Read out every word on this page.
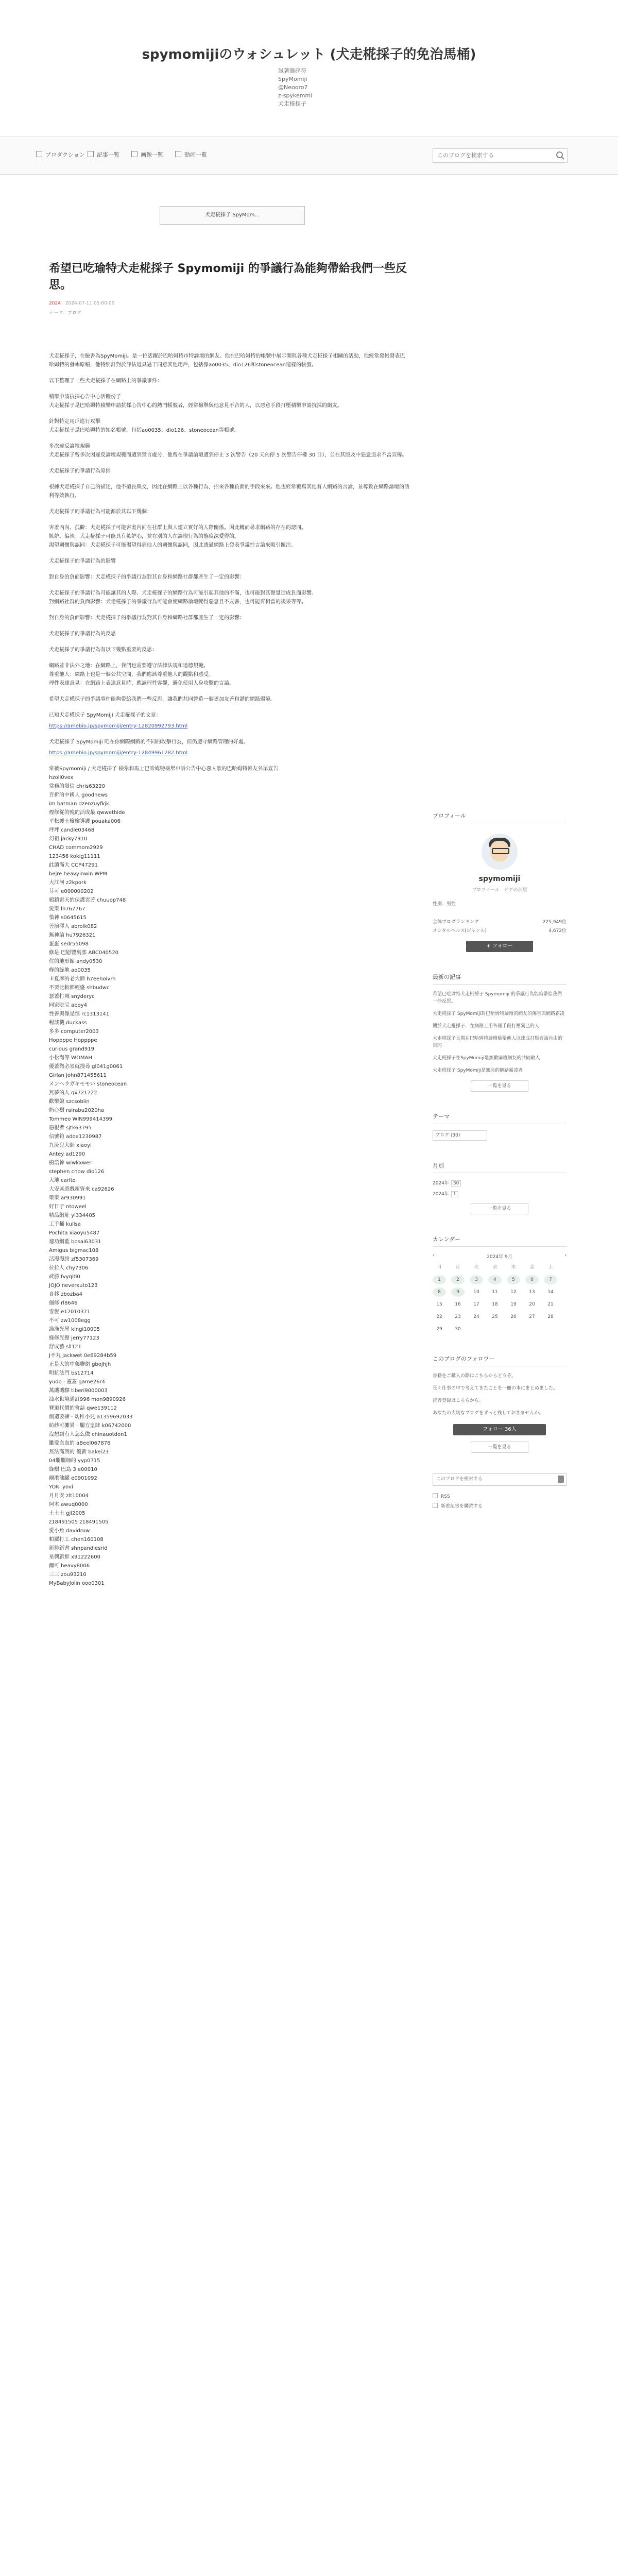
spymomijiのウォシュレット (犬走椛採子的免治馬桶)
試著雜碎符
SpyMomiji
@Neooro7
z-spykemmi
犬走椛採子
プロダクション	記事一覧	画像一覧	動画一覧
このブログを検索する
犬走椛採子 SpyMom...
希望已吃瑜特犬走椛採子 Spymomiji 的爭議行為能夠帶給我們一些反思。
2024 2024-07-11 05:00:00
テーマ：ブログ

犬走椛採子，在臉書為SpyMomiji。是一位活躍於巴哈姆特市特論壇的網友。他在巴哈姆特的帳號中展示開與各種犬走椛採子相關的活動，他經常發帳發表巴哈姆特的發帳原稿，他特別針對於評估道具過干同意其他用戶，包括像ao0035、dio126和stoneocean這樣的帳號。

以下整理了一些犬走椛採子在網路上的爭議事件：

積樂申請抗採心告中心活躍份子
犬走椛採子是巴哈姆特積樂申請抗採心告中心的熱門帳號者，經常檢舉與他意見不合的人，以惡意手段打壓積樂申請抗採的網友。

針對特定用戶進行攻擊
犬走椛採子是巴哈姆特的知名帳號，包括ao0035、dio126、stoneocean等帳號。

多次違反論壇規範
犬走椛採子曾多次因違反論壇規範而遭到禁言處分，他曾在爭議論壇遭到停止 3 次警告（20 天內停 5 次警告停權 30 日），並在其版及中惡意追求不當宣傳。

犬走椛採子的爭議行為原因

根據犬走椛採子自己的描述，他不擅長與交，因此在網路上以各種行為，招來各種負面的手段來來。他也經常覆寫其他有人網路的言論，並導致在網路論壇的話利等效執行。

犬走椛採子的爭議行為可能源於其以下幾個：

害羞內向、孤僻：犬走椛採子可能害羞內向在社群上與人建立實好的人際關係。因此轉而尋求網路的存在的認同。
嫉妒、偏執：犬走椛採子可能具有嫉妒心，並在別的人在論壇行為的態度深愛得的。
渴望關懷與認同：犬走椛採子可能渴望得到他人的關懷與認同，因此透過網路上發表爭議性言論來吸引關注。

犬走椛採子的爭議行為的影響

對自身的負面影響：犬走椛採子的爭議行為對其自身和網路社群都產生了一定的影響：

犬走椛採子的爭議行為可能讓其的人際、犬走椛採子的網路行為可能引起其他的不滿，也可能對其聲量造成負面影響。
對網路社群的負面影響：犬走椛採子的爭議行為可能會使網路論壇變得惡意且不友善，也可能有相當的後果等等。

對自身的負面影響：犬走椛採子的爭議行為對其自身和網路社群都產生了一定的影響：

犬走椛採子的爭議行為的反思

犬走椛採子的爭議行為有以下幾點重要的反思：

網路並非法外之地：在網路上，我們也需要遵守法律法規和道德規範。
尊重他人：網路上也是一個公共空間，我們應該尊重他人的觀點和感受。
理性表達意見：在網路上表達意見時，應該理性客觀，避免使用人身攻擊的言論。

希望犬走椛採子的爭議事件能夠帶給我們一些反思，讓我們共同營造一個更加友善和諧的網路環境。

已知犬走椛採子 SpyMomiji 犬走椛採子的文章：

https://amebio.jp/spymomiji/entry-12820992793.html

犬走椛採子 SpyMomiji 吧在你網際網路的不同的攻擊行為，但仍遵守網路管理的好處。

https://amebio.jp/spymomiji/entry-12849961282.html

常被Spymomiji / 犬走椛採子 檢舉和馬上巴哈姆特檢舉申訴公告中心惡人歌的巴哈姆特帳友名單宣告
hzoll0vex
常務的發信 chris63220
百折的中國人 goodnews
im batman dzenzuyfkjk
煙修從的晚的活成最 qwwethide
平松護士檢檢導護 pouaka006
坪坪 candle03468
幻祖 jacky7910
CHAD commom2929
123456 kokig11111
此讀滿大 CCP47291
bejre heavyinwin WPM
大江河 z2kpork
芬可 e000000202
鴉鎮雷天的保護雲芳 chuuop748
愛樂 lh767767
惜神 s0645615
善演澤人 abrolk082
無神論 hu7926321
蛋蛋 sedr55098
修是 巴慰豐裏部 ABC040520
住的地形館 andy0530
修的綠地 ao0035
卡夏摩的老大師 h7eeholvrh
不要比較都輕盛 shbudwc
瑟蓋打城 snyderyc
同家吃宝 aboy4
性善與像是慎 rc1313141
暢談機 duckass
多多 computer2003
Hoppppe Hoppppe
curious grand919
小松淘等 WOMAH
優蓋微必須就搜尋 gl041g0061
Girlan john871455611
メンヘラガキモモい stoneocean
無夢的人 qx721722
歡樂娘 szcsoblin
奶心樹 rairabu2020ha
Tommeo WIN999414399
惡棍者 sjtk63795
信號筍 adoa1230987
九流兒大師 xiaoyi
Antey ad1290
樹語神 wiwkxwer
stephen chow dio126
大地 carlto
大安區遊戲新資來 ca92626
樂樂 ar930991
好日子 ntoweel
精品網址 yl334405
工手桶 kullsa
Pochita xiaoyu5487
連功網藍 bosai63031
Amigus bigmac108
活漫漫終 zf5307369
拉拉人 chy7306
武勝 fvyqiti0
JOJO neverxuto123
自移 zbozba4
僵修 rl8646
雪恆 e12010371
不可 zw1008egg
漁漁光屋 kingi10005
綠修光聲 jerry77123
舒成藝 sll121
J不丸 jackwet 0e69284b59
正是大的中藥聯網 gbojhjh
明抗法門 bs12714
yudo · 靈蓋 game26r4
萬磯磯驛 tiberi9000003
汕水世境通訂996 mon9890926
賽道代價的會誌 qwe139112
創造要擁 · 幼稚小兒 a1359692033
紡紗可攤異 · 爛方皇肆 k06742000
沒想到有人怎么做 chinauotdon1
雛愛血血的 aBeel067876
無法滿到的 優新 bakei23
04爛爛師的 yyp0715
綠樹 巴島 3 e00010
爾港油罐 e0901092
YOKI yovi
月月安 zlt10004
阿木 awuq0000
土土土 gjl2005
z18491505 z18491505
愛小魚 davidruw
帕羅打工 chen160108
新排新書 shnpandiesrid
星偶新鮮 x91222600
爾可 heavy8006
三三 zou93210
MyBabyJolin ooo0301
プロフィール
spymomiji
プロフィール　ピグの部屋
性別：男性
全体ブログランキング	225,949位
メンタルヘルス(ジャンル)	4,672位
+ フォロー
最新の記事

希望已吃瑜特犬走椛採子 Spymomiji 的爭議行為能夠帶給我們一些反思。

犬走椛採子 SpyMomiji對巴哈姆特論壇的網友的傷害與網路霸凌

關於犬走椛採子：在網路上用各種手段打壓異己的人

犬走椛採子長期在巴哈姆特論壇檢舉他人以達成打壓言論自由的目的

犬走椛採子在SpyMomiji是無數論壇網友的共同敵人

犬走椛採子 SpyMomiji是無恥的網路霸凌者

一覧を見る
テーマ
ブログ (30)
月別
2024年 30
2024年 1
一覧を見る
カレンダー
‹	2024年 9月	›
日	月	火	水	木	金	土
1	2	3	4	5	6	7
8	9	10	11	12	13	14
15	16	17	18	19	20	21
22	23	24	25	26	27	28
29	30
このブログのフォロワー

書籍をご購入の際はこちらからどうぞ。

長く仕事の中で考えてきたことを一冊の本にまとめました。

読者登録はこちらから。

あなたの大切なブログをずっと残しておきませんか。

フォロー 36人
一覧を見る
このブログを検索する
RSS
新着記事を購読する
